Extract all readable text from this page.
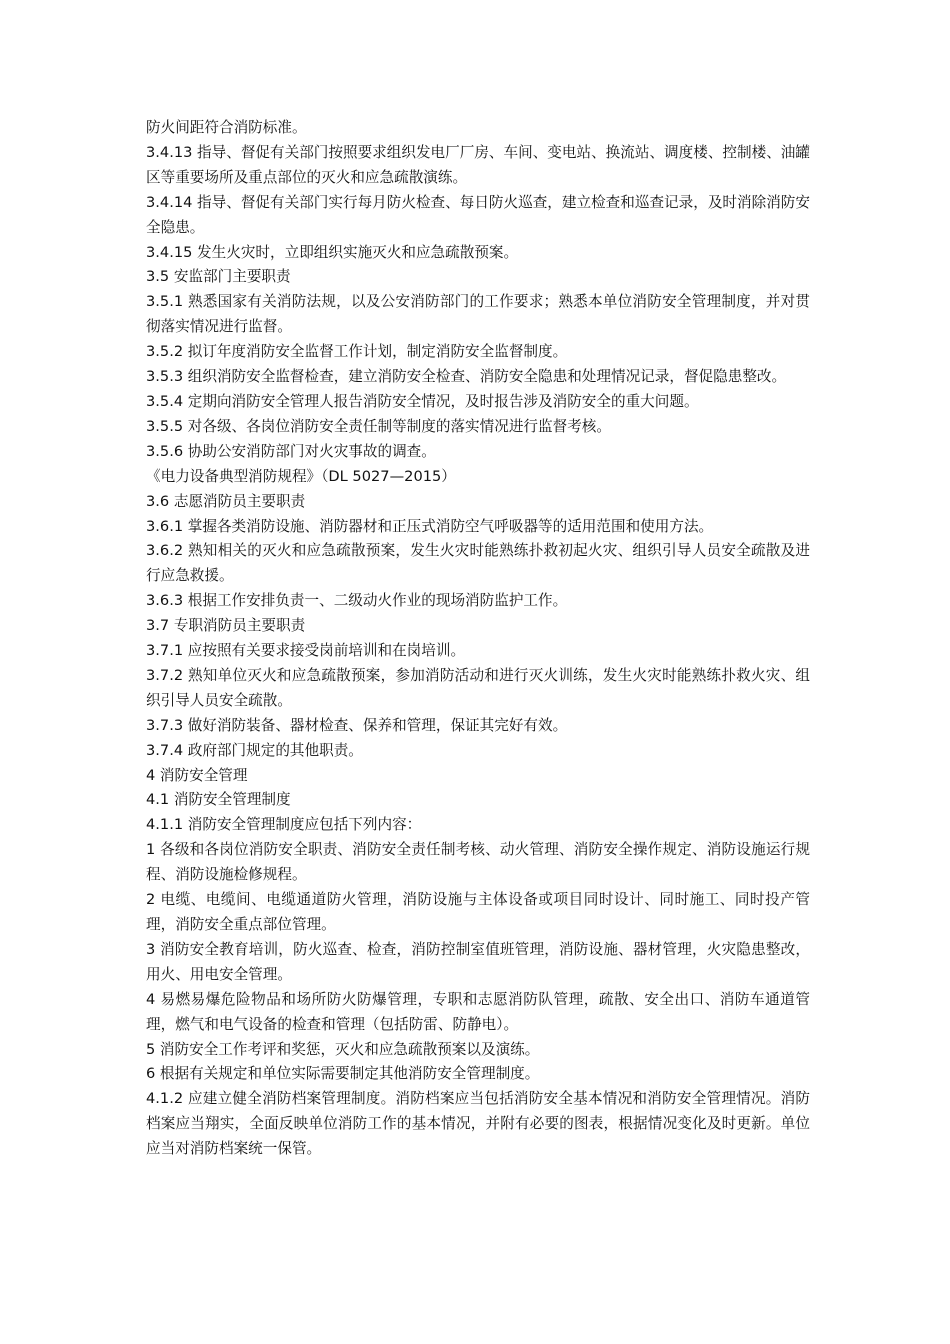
防火间距符合消防标准。

3.4.13 指导、督促有关部门按照要求组织发电厂厂房、车间、变电站、换流站、调度楼、控制楼、油罐区等重要场所及重点部位的灭火和应急疏散演练。

3.4.14 指导、督促有关部门实行每月防火检查、每日防火巡查，建立检查和巡查记录，及时消除消防安全隐患。

3.4.15 发生火灾时，立即组织实施灭火和应急疏散预案。

3.5 安监部门主要职责

3.5.1 熟悉国家有关消防法规，以及公安消防部门的工作要求；熟悉本单位消防安全管理制度，并对贯彻落实情况进行监督。

3.5.2 拟订年度消防安全监督工作计划，制定消防安全监督制度。

3.5.3 组织消防安全监督检查，建立消防安全检查、消防安全隐患和处理情况记录，督促隐患整改。

3.5.4 定期向消防安全管理人报告消防安全情况，及时报告涉及消防安全的重大问题。

3.5.5 对各级、各岗位消防安全责任制等制度的落实情况进行监督考核。

3.5.6 协助公安消防部门对火灾事故的调查。

《电力设备典型消防规程》（DL 5027—2015）

3.6 志愿消防员主要职责

3.6.1 掌握各类消防设施、消防器材和正压式消防空气呼吸器等的适用范围和使用方法。

3.6.2 熟知相关的灭火和应急疏散预案，发生火灾时能熟练扑救初起火灾、组织引导人员安全疏散及进行应急救援。

3.6.3 根据工作安排负责一、二级动火作业的现场消防监护工作。

3.7 专职消防员主要职责

3.7.1 应按照有关要求接受岗前培训和在岗培训。

3.7.2 熟知单位灭火和应急疏散预案，参加消防活动和进行灭火训练，发生火灾时能熟练扑救火灾、组织引导人员安全疏散。

3.7.3 做好消防装备、器材检查、保养和管理，保证其完好有效。

3.7.4 政府部门规定的其他职责。

4 消防安全管理

4.1 消防安全管理制度

4.1.1 消防安全管理制度应包括下列内容：

1 各级和各岗位消防安全职责、消防安全责任制考核、动火管理、消防安全操作规定、消防设施运行规程、消防设施检修规程。

2 电缆、电缆间、电缆通道防火管理，消防设施与主体设备或项目同时设计、同时施工、同时投产管理，消防安全重点部位管理。

3 消防安全教育培训，防火巡查、检查，消防控制室值班管理，消防设施、器材管理，火灾隐患整改，用火、用电安全管理。

4 易燃易爆危险物品和场所防火防爆管理，专职和志愿消防队管理，疏散、安全出口、消防车通道管理，燃气和电气设备的检查和管理（包括防雷、防静电）。

5 消防安全工作考评和奖惩，灭火和应急疏散预案以及演练。

6 根据有关规定和单位实际需要制定其他消防安全管理制度。

4.1.2 应建立健全消防档案管理制度。消防档案应当包括消防安全基本情况和消防安全管理情况。消防档案应当翔实，全面反映单位消防工作的基本情况，并附有必要的图表，根据情况变化及时更新。单位应当对消防档案统一保管。
